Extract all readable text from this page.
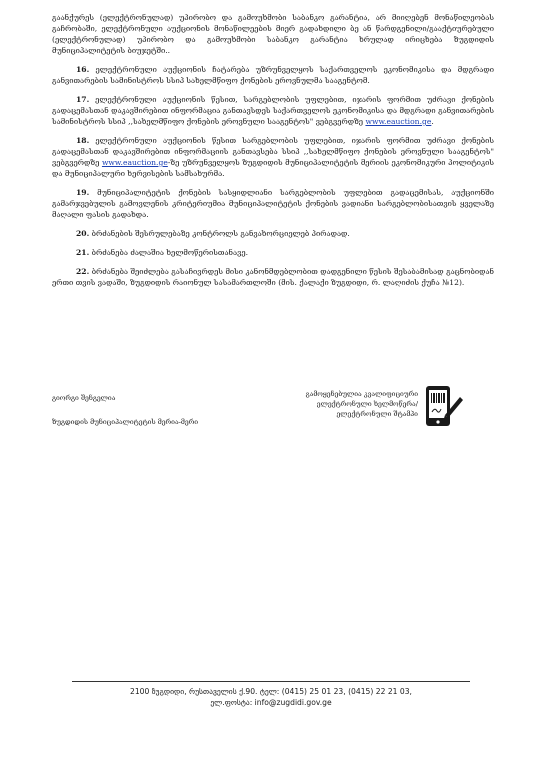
გაანქურეს (ელექტრონულად) უპირობო და გამოუხმობი საბანკო გარანტია, არ მიიღებენ მონაწილეობას გაჩრობაში, ელექტრონული აუქციონის მონაწილეების მიერ გადახდილი ბე ან წარდგენილი/გააქტიურებული (ელექტრონულად) უპირობო და გამოუხმობი საბანკო გარანტია ხრულად ირიცხება ზუგდიდის მუნიციპალიტეტის ბიუჯეტში..

16. ელექტრონული აუქციონის ჩატარება უზრუნველყოს საქართველოს ეკონომიკისა და მდგრადი განვითარების სამინისტროს სსიპ სახელმწიფო ქონების ეროვნულმა სააგენტომ.

17. ელექტრონული აუქციონის წესით, სარგებლობის უფლებით, იჯარის ფორმით უძრავი ქონების გადაცემასთან დაკავშირებით ინფორმაცია განთავსდეს საქართველოს ეკონომიკისა და მდგრადი განვითარების სამინისტროს სსიპ ,,სახელმწიფო ქონების ეროვნული სააგენტოს" ვებგვერდზე www.eauction.ge.

18. ელექტრონული აუქციონის წესით სარგებლობის უფლებით, იჯარის ფორმით უძრავი ქონების გადაცემასთან დაკავშირებით ინფორმაციის განთავსება სსიპ ,,სახელმწიფო ქონების ეროვნული სააგენტოს" ვებგვერდზე www.eauction.ge-ზე უზრუნველყოს ზუგდიდის მუნიციპალიტეტის მერიის ეკონომიკური პოლიტიკის და მუნიციპალური ხერვისების სამსახურმა.

19. მუნიციპალიტეტის ქონების სასყიდლიანი სარგებლობის უფლებით გადაცემისას, აუქციონში გამარჯვებულის გამოვლენის კრიტერიუმია მუნიციპალიტეტის ქონების ვადიანი სარგებლობისათვის ყველაზე მაღალი ფასის გადახდა.

20. ბრძანების შესრულებაზე კონტროლს განვახორციელებ პირადად.

21. ბრძანება ძალაშია ხელმოწერისთანავე.

22. ბრძანება შეიძლება გასაჩივრდეს მისი კანონმდებლობით დადგენილი წესის შესაბამისად გაცნობიდან ერთი თვის ვადაში, ზუგდიდის რაიონულ სასამართლოში (მის. ქალაქი ზუგდიდი, რ. ლაღიძის ქუჩა №12).

გიორგი შენგელია
ზუგდიდის მუნიციპალიტეტის მერია-მერი
გამოყენებულია კვალიფიციური
ელექტრონული ხელმოწერა/
ელექტრონული შტამპი
2100 ზუგდიდი, რუსთაველის ქ.90. ტელ: (0415) 25 01 23, (0415) 22 21 03,
ელ.ფოსტა: info@zugdidi.gov.ge
